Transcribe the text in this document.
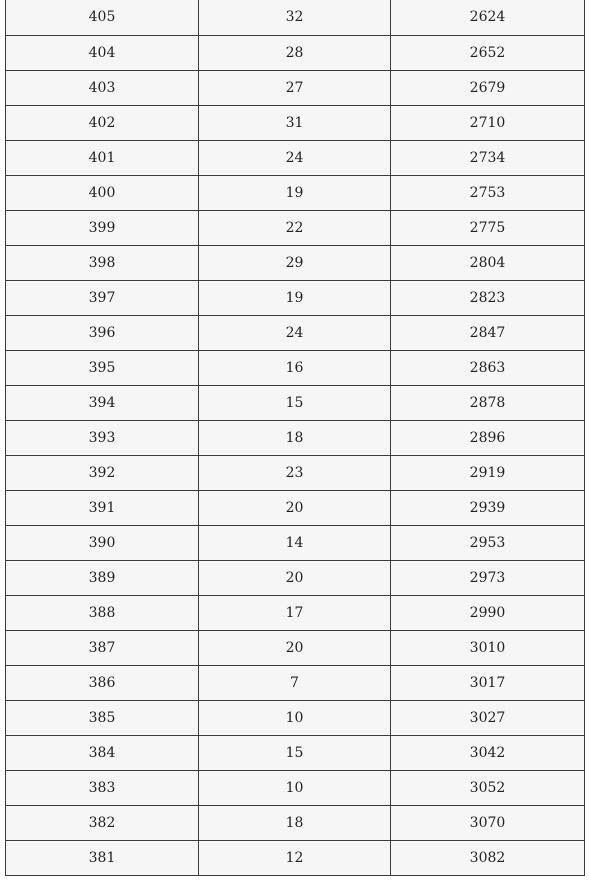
405	32	2624
404	28	2652
403	27	2679
402	31	2710
401	24	2734
400	19	2753
399	22	2775
398	29	2804
397	19	2823
396	24	2847
395	16	2863
394	15	2878
393	18	2896
392	23	2919
391	20	2939
390	14	2953
389	20	2973
388	17	2990
387	20	3010
386	7	3017
385	10	3027
384	15	3042
383	10	3052
382	18	3070
381	12	3082
